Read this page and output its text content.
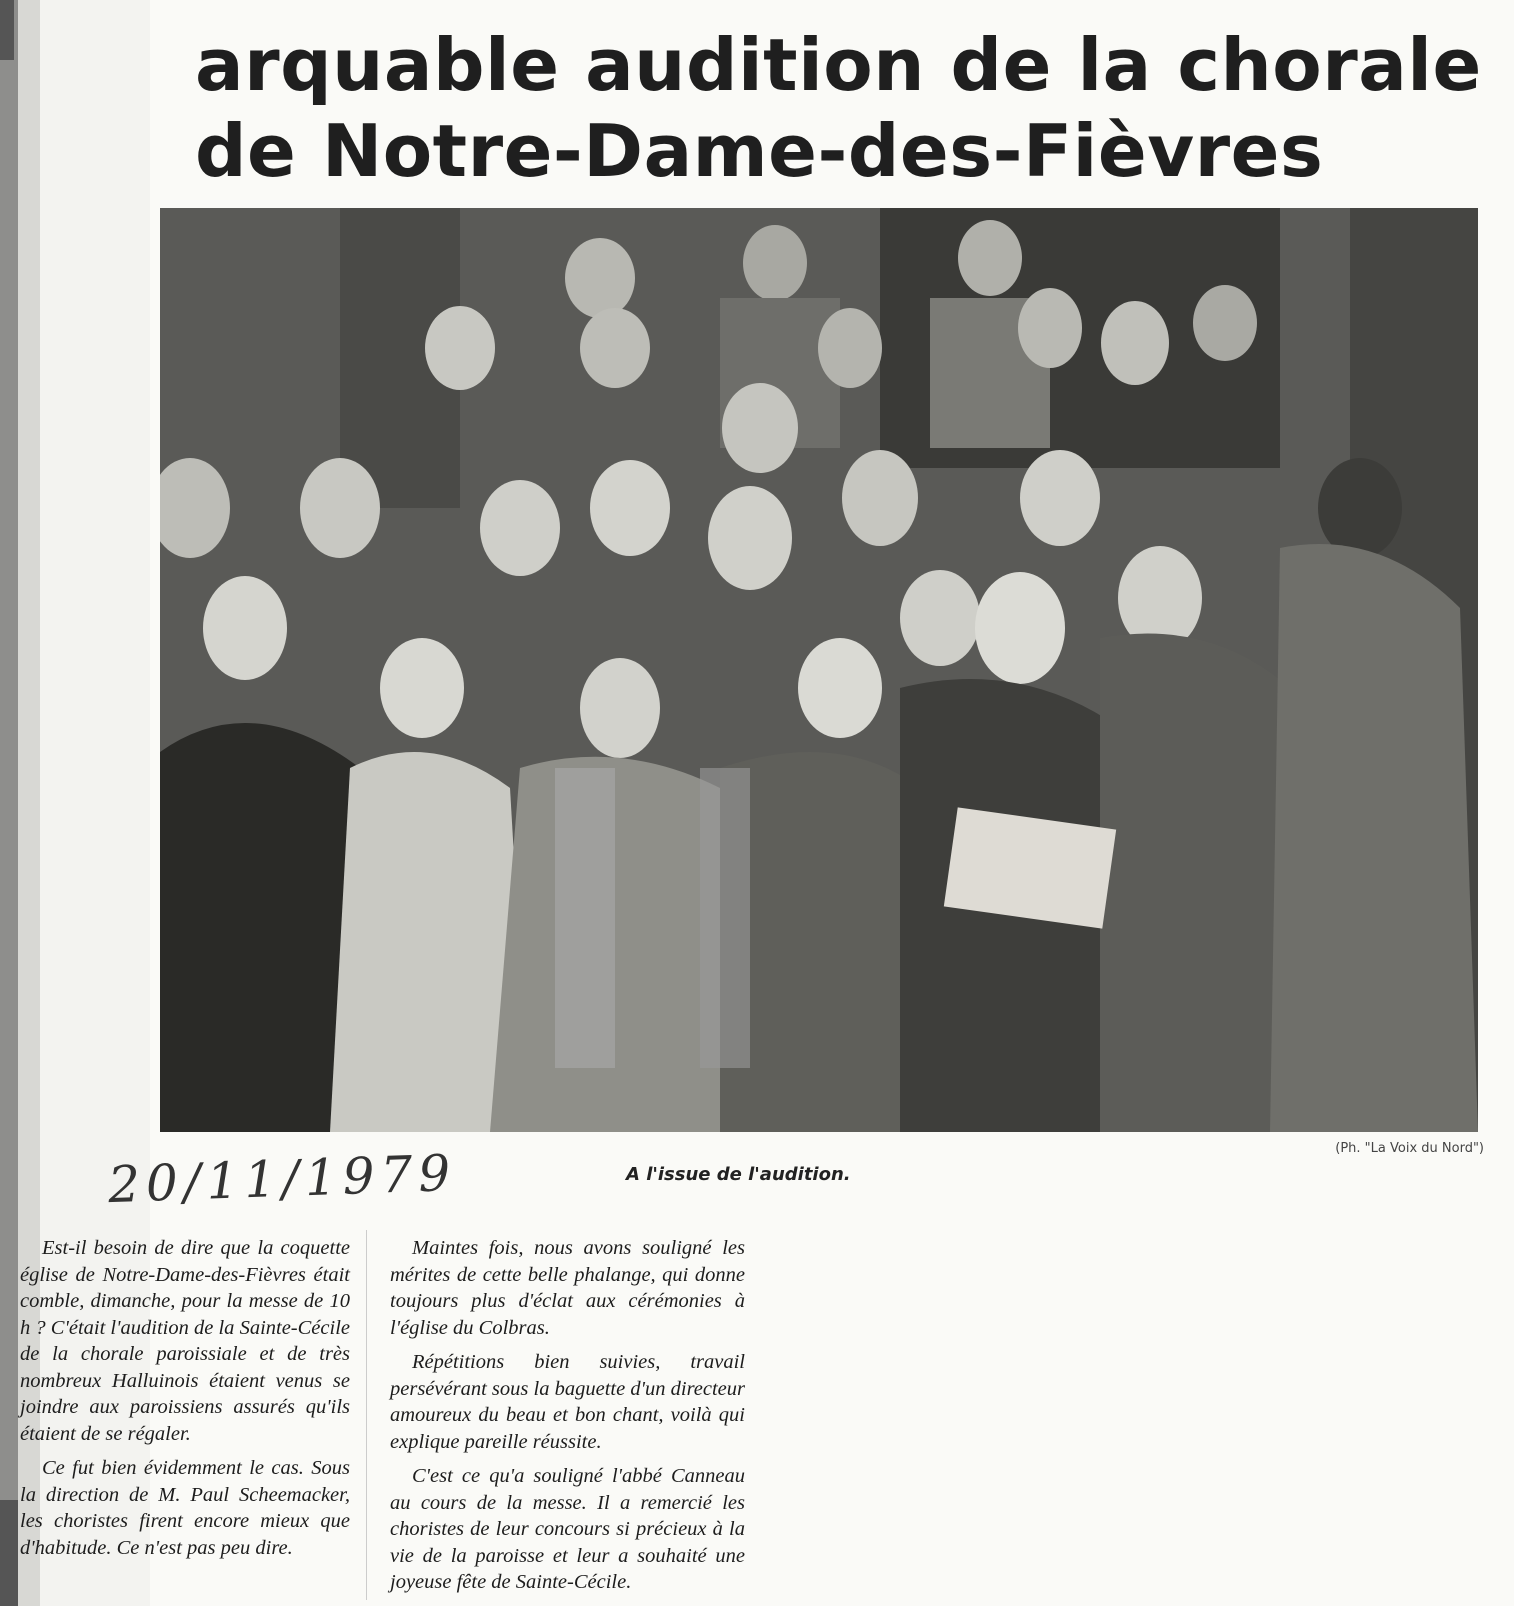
arquable audition de la chorale
de Notre-Dame-des-Fièvres
(Ph. "La Voix du Nord")
20/11/1979	A l'issue de l'audition.

Est-il besoin de dire que la coquette église de Notre-Dame-des-Fièvres était comble, dimanche, pour la messe de 10 h ? C'était l'audition de la Sainte-Cécile de la chorale paroissiale et de très nombreux Halluinois étaient venus se joindre aux paroissiens assurés qu'ils étaient de se régaler.

Ce fut bien évidemment le cas. Sous la direction de M. Paul Scheemacker, les choristes firent encore mieux que d'habitude. Ce n'est pas peu dire.

Maintes fois, nous avons souligné les mérites de cette belle phalange, qui donne toujours plus d'éclat aux cérémonies à l'église du Colbras.

Répétitions bien suivies, travail persévérant sous la baguette d'un directeur amoureux du beau et bon chant, voilà qui explique pareille réussite.

C'est ce qu'a souligné l'abbé Canneau au cours de la messe. Il a remercié les choristes de leur concours si précieux à la vie de la paroisse et leur a souhaité une joyeuse fête de Sainte-Cécile.
